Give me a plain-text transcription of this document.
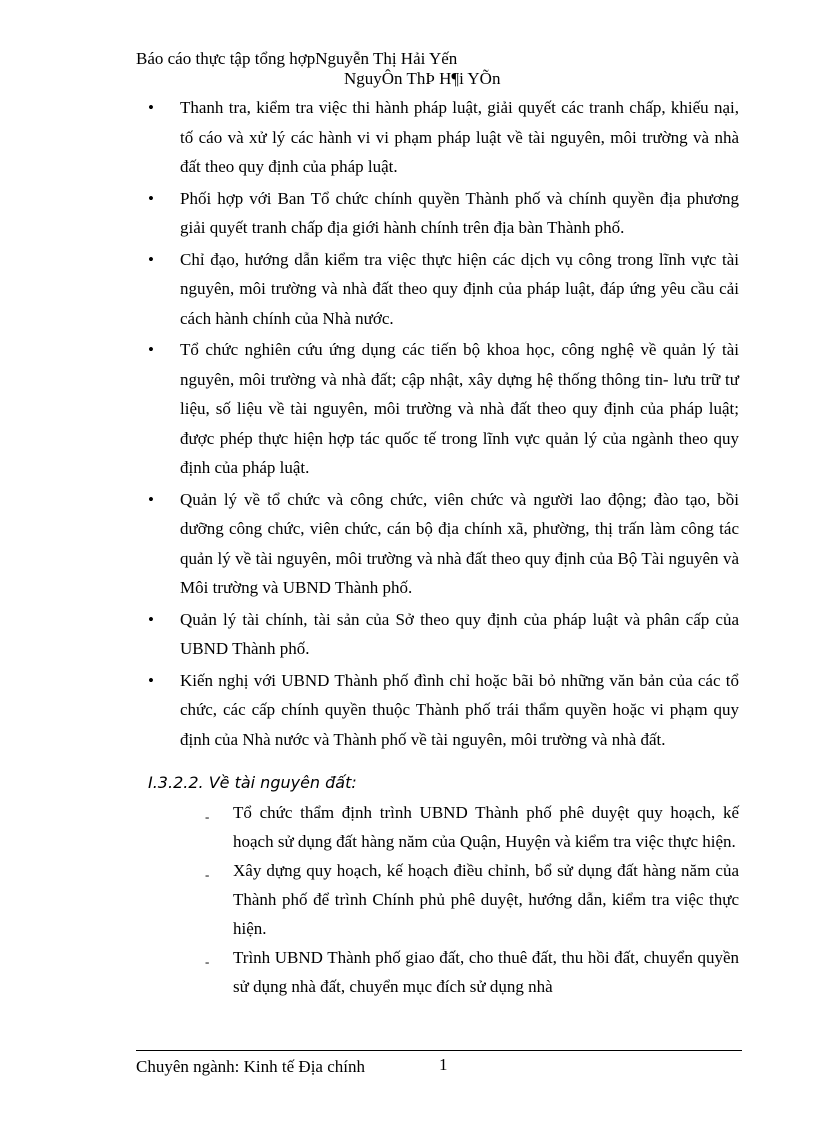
Báo cáo thực tập tổng hợpNguyễn Thị Hải Yến
NguyÔn ThÞ H¶i YÕn
• Thanh tra, kiểm tra việc thi hành pháp luật, giải quyết các tranh chấp, khiếu nại, tố cáo và xử lý các hành vi vi phạm pháp luật về tài nguyên, môi trường và nhà đất theo quy định của pháp luật.
• Phối hợp với Ban Tổ chức chính quyền Thành phố và chính quyền địa phương giải quyết tranh chấp địa giới hành chính trên địa bàn Thành phố.
• Chỉ đạo, hướng dẫn kiểm tra việc thực hiện các dịch vụ công trong lĩnh vực tài nguyên, môi trường và nhà đất theo quy định của pháp luật, đáp ứng yêu cầu cải cách hành chính của Nhà nước.
• Tổ chức nghiên cứu ứng dụng các tiến bộ khoa học, công nghệ về quản lý tài nguyên, môi trường và nhà đất; cập nhật, xây dựng hệ thống thông tin- lưu trữ tư liệu, số liệu về tài nguyên, môi trường và nhà đất theo quy định của pháp luật; được phép thực hiện hợp tác quốc tế trong lĩnh vực quản lý của ngành theo quy định của pháp luật.
• Quản lý về tổ chức và công chức, viên chức và người lao động; đào tạo, bồi dưỡng công chức, viên chức, cán bộ địa chính xã, phường, thị trấn làm công tác quản lý về tài nguyên, môi trường và nhà đất theo quy định của Bộ Tài nguyên và Môi trường và UBND Thành phố.
• Quản lý tài chính, tài sản của Sở theo quy định của pháp luật và phân cấp của UBND Thành phố.
• Kiến nghị với UBND Thành phố đình chỉ hoặc bãi bỏ những văn bản của các tổ chức, các cấp chính quyền thuộc Thành phố trái thẩm quyền hoặc vi phạm quy định của Nhà nước và Thành phố về tài nguyên, môi trường và nhà đất.
I.3.2.2. Về tài nguyên đất:
- Tổ chức thẩm định trình UBND Thành phố phê duyệt quy hoạch, kế hoạch sử dụng đất hàng năm của Quận, Huyện và kiểm tra việc thực hiện.
- Xây dựng quy hoạch, kế hoạch điều chỉnh, bổ sử dụng đất hàng năm của Thành phố để trình Chính phủ phê duyệt, hướng dẫn, kiểm tra việc thực hiện.
- Trình UBND Thành phố giao đất, cho thuê đất, thu hồi đất, chuyển quyền sử dụng nhà đất, chuyển mục đích sử dụng nhà
Chuyên ngành: Kinh tế Địa chính	1
